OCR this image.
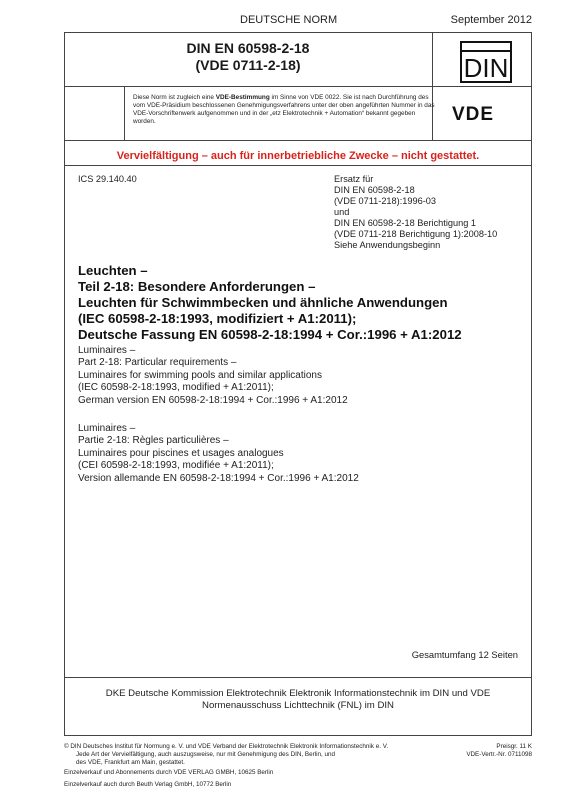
DEUTSCHE NORM	September 2012
DIN EN 60598-2-18
(VDE 0711-2-18)	DIN
Diese Norm ist zugleich eine VDE-Bestimmung im Sinne von VDE 0022. Sie ist nach Durchführung des vom VDE-Präsidium beschlossenen Genehmigungsverfahrens unter der oben angeführten Nummer in das VDE-Vorschriftenwerk aufgenommen und in der „etz Elektrotechnik + Automation“ bekannt gegeben worden.	VDE
Vervielfältigung – auch für innerbetriebliche Zwecke – nicht gestattet.
ICS 29.140.40	Ersatz für
DIN EN 60598-2-18
(VDE 0711-218):1996-03
und
DIN EN 60598-2-18 Berichtigung 1
(VDE 0711-218 Berichtigung 1):2008-10
Siehe Anwendungsbeginn
Leuchten –
Teil 2-18: Besondere Anforderungen –
Leuchten für Schwimmbecken und ähnliche Anwendungen
(IEC 60598-2-18:1993, modifiziert + A1:2011);
Deutsche Fassung EN 60598-2-18:1994 + Cor.:1996 + A1:2012
Luminaires –
Part 2-18: Particular requirements –
Luminaires for swimming pools and similar applications
(IEC 60598-2-18:1993, modified + A1:2011);
German version EN 60598-2-18:1994 + Cor.:1996 + A1:2012
Luminaires –
Partie 2-18: Règles particulières –
Luminaires pour piscines et usages analogues
(CEI 60598-2-18:1993, modifiée + A1:2011);
Version allemande EN 60598-2-18:1994 + Cor.:1996 + A1:2012
Gesamtumfang 12 Seiten
DKE Deutsche Kommission Elektrotechnik Elektronik Informationstechnik im DIN und VDE
Normenausschuss Lichttechnik (FNL) im DIN
© DIN Deutsches Institut für Normung e. V. und VDE Verband der Elektrotechnik Elektronik Informationstechnik e. V.
Jede Art der Vervielfältigung, auch auszugsweise, nur mit Genehmigung des DIN, Berlin, und
des VDE, Frankfurt am Main, gestattet.
Preisgr. 11 K
VDE-Vertr.-Nr. 0711098
Einzelverkauf und Abonnements durch VDE VERLAG GMBH, 10625 Berlin
Einzelverkauf auch durch Beuth Verlag GmbH, 10772 Berlin
